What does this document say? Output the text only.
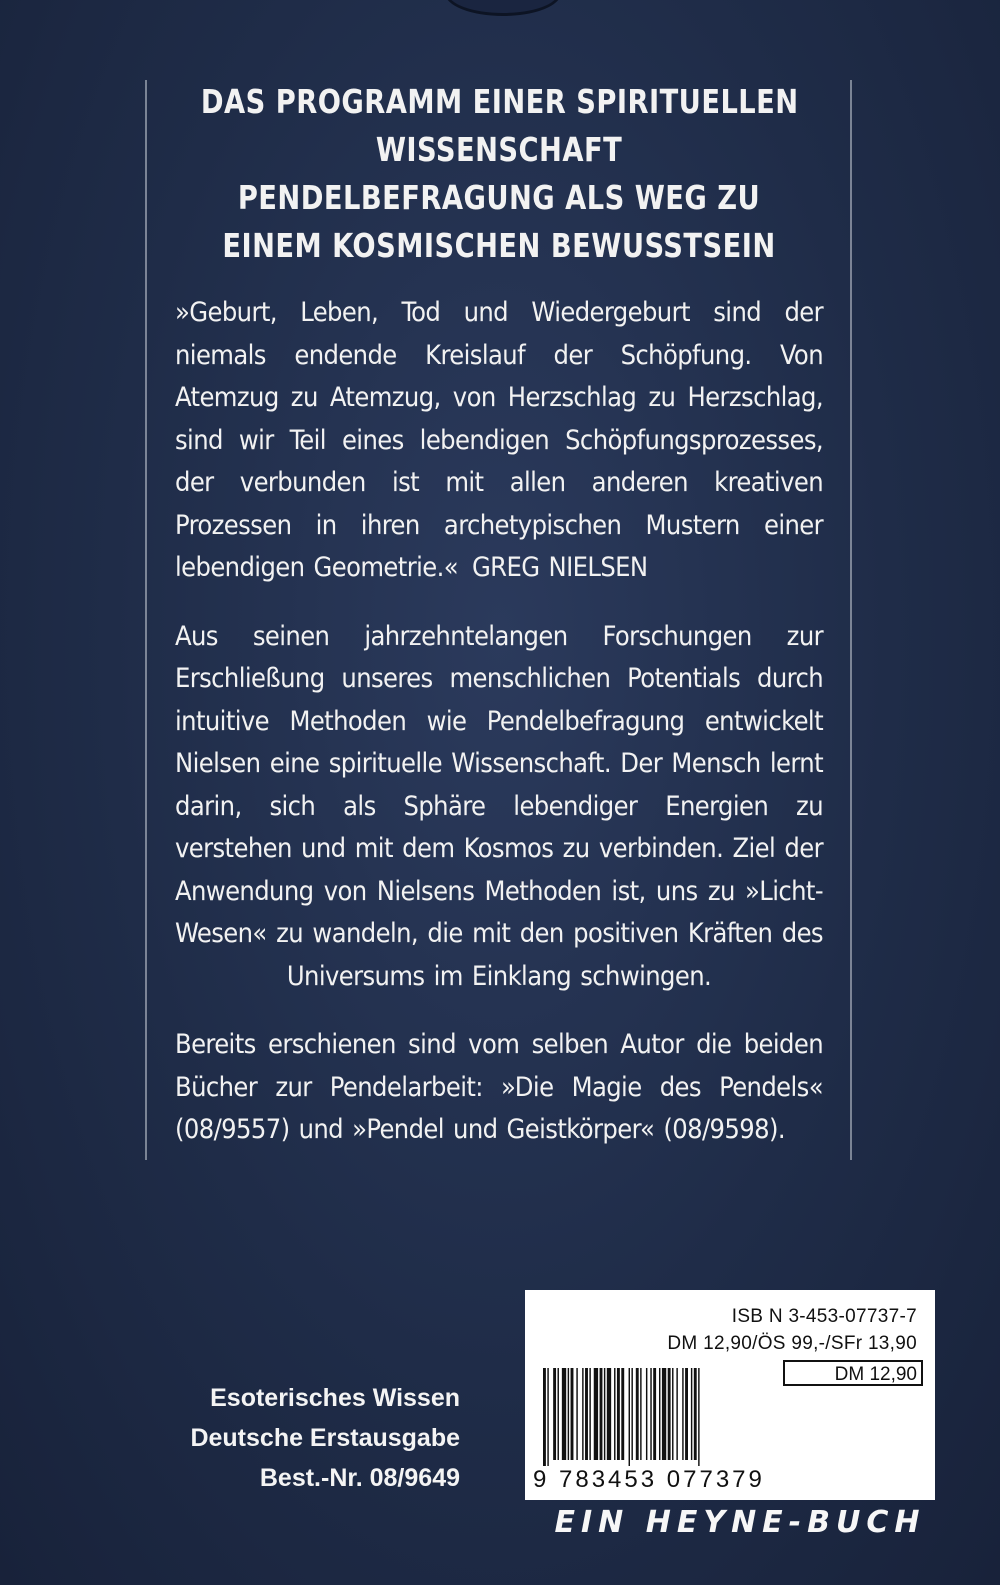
DAS PROGRAMM EINER SPIRITUELLEN
WISSENSCHAFT
PENDELBEFRAGUNG ALS WEG ZU
EINEM KOSMISCHEN BEWUSSTSEIN

»Geburt, Leben, Tod und Wiedergeburt sind der niemals endende Kreislauf der Schöpfung. Von Atemzug zu Atemzug, von Herzschlag zu Herzschlag, sind wir Teil eines lebendigen Schöpfungsprozesses, der verbunden ist mit allen anderen kreativen Prozessen in ihren archetypischen Mustern einer lebendigen Geometrie.« GREG NIELSEN

Aus seinen jahrzehntelangen Forschungen zur Erschließung unseres menschlichen Potentials durch intuitive Methoden wie Pendelbefragung entwickelt Nielsen eine spirituelle Wissenschaft. Der Mensch lernt darin, sich als Sphäre lebendiger Energien zu verstehen und mit dem Kosmos zu verbinden. Ziel der Anwendung von Nielsens Methoden ist, uns zu »Licht-Wesen« zu wandeln, die mit den positiven Kräften des Universums im Einklang schwingen.

Bereits erschienen sind vom selben Autor die beiden Bücher zur Pendelarbeit: »Die Magie des Pendels« (08/9557) und »Pendel und Geistkörper« (08/9598).

Esoterisches Wissen
Deutsche Erstausgabe
Best.-Nr. 08/9649
ISB N 3-453-07737-7
DM 12,90/ÖS 99,-/SFr 13,90
DM 12,90
9 783453 077379
EIN HEYNE-BUCH
